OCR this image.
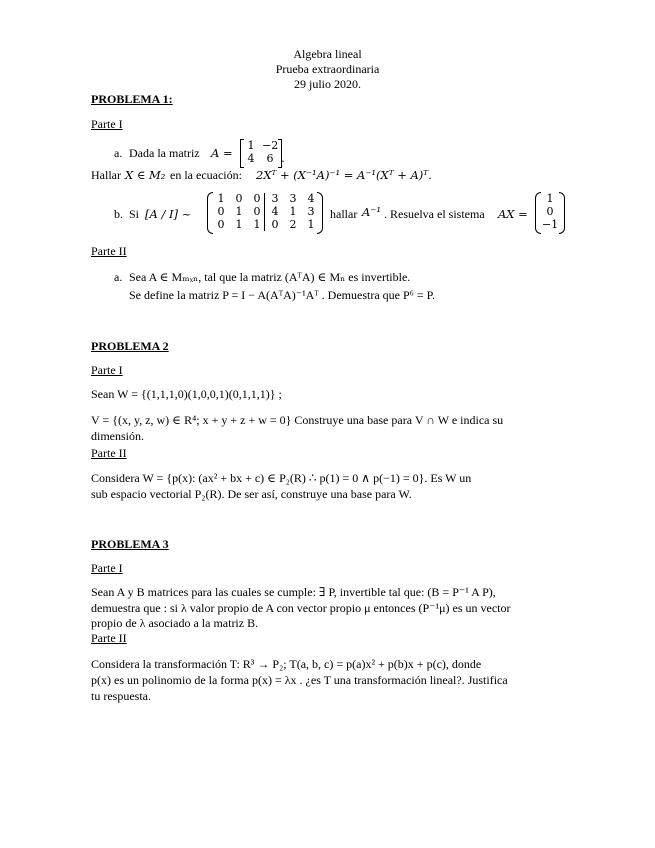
Algebra lineal
Prueba extraordinaria
29 julio 2020.
PROBLEMA 1:
Parte I
a. Dada la matriz A =
1 −2
4	6 .
Hallar X ∈ M₂ en la ecuación: 2Xᵀ + (X⁻¹A)⁻¹ = A⁻¹(Xᵀ + A)ᵀ.
b. Si [A / I] ~
1 0 0 3 3 4
0 1 0 4 1 3
0 1 1 0 2 1
hallar A⁻¹ . Resuelva el sistema AX =
1
0
−1
Parte II
a. Sea A ∈ Mₘₓₙ, tal que la matriz (AᵀA) ∈ Mₙ es invertible.
Se define la matriz P = I − A(AᵀA)⁻¹Aᵀ . Demuestra que P⁶ = P.
PROBLEMA 2
Parte I
Sean W = {(1,1,1,0)(1,0,0,1)(0,1,1,1)} ;
V = {(x, y, z, w) ∈ R⁴; x + y + z + w = 0} Construye una base para V ∩ W e indica su
dimensión.
Parte II
Considera W = {p(x): (ax² + bx + c) ∈ P₂(R) ∴ p(1) = 0 ∧ p(−1) = 0}. Es W un
sub espacio vectorial P₂(R). De ser así, construye una base para W.
PROBLEMA 3
Parte I
Sean A y B matrices para las cuales se cumple: ∃ P, invertible tal que: (B = P⁻¹ A P),
demuestra que : si λ valor propio de A con vector propio μ entonces (P⁻¹μ) es un vector
propio de λ asociado a la matriz B.
Parte II
Considera la transformación T: R³ → P₂; T(a, b, c) = p(a)x² + p(b)x + p(c), donde
p(x) es un polinomio de la forma p(x) = λx . ¿es T una transformación lineal?. Justifica
tu respuesta.
